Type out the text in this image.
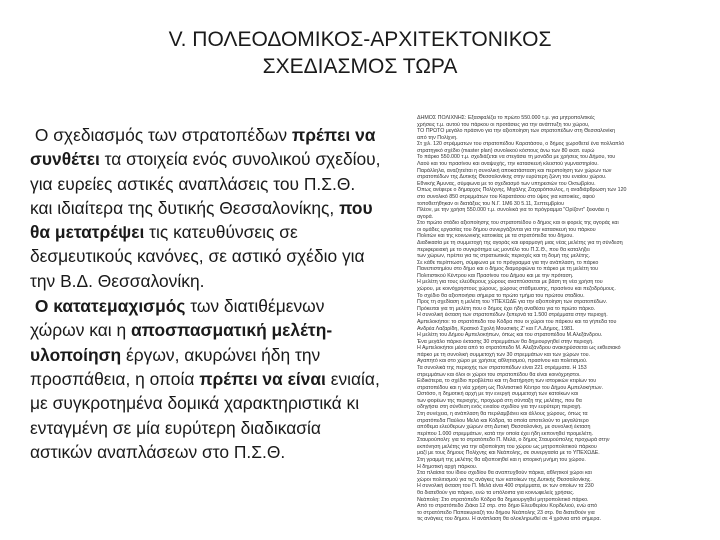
V. ΠΟΛΕΟΔΟΜΙΚΟΣ-ΑΡΧΙΤΕΚΤΟΝΙΚΟΣ
ΣΧΕΔΙΑΣΜΟΣ ΤΩΡΑ

Ο σχεδιασμός των στρατοπέδων πρέπει να συνθέτει τα στοιχεία ενός συνολικού σχεδίου, για ευρείες αστικές αναπλάσεις του Π.Σ.Θ. και ιδιαίτερα της δυτικής Θεσσαλονίκης, που θα μετατρέψει τις κατευθύνσεις σε δεσμευτικούς κανόνες, σε αστικό σχέδιο για την Β.Δ. Θεσσαλονίκη.

Ο κατατεμαχισμός των διατιθέμενων χώρων και η αποσπασματική μελέτη-υλοποίηση έργων, ακυρώνει ήδη την προσπάθεια, η οποία πρέπει να είναι ενιαία, με συγκροτημένα δομικά χαρακτηριστικά κι ενταγμένη σε μία ευρύτερη διαδικασία αστικών αναπλάσεων στο Π.Σ.Θ.

ΔΗΜΟΣ ΠΟΛΙΧΝΗΣ: Εξασφαλίζει το πρώτο 550.000 τ.μ. για μητροπολιτικές
χρήσεις τ.μ. αυτού του πάρκου οι προτάσεις για την ανάπτυξη του χώρου,
ΤΟ ΠΡΩΤΟ μεγάλο πράσινο για την αξιοποίηση των στρατοπέδων στη Θεσσαλονίκη
από την Πολίχνη.
Στ χιλ. 120 στρέμματων του στρατοπέδου Καρατάσου, ο δήμος χωροθετεί ένα πολλαπλό
στρατηγικό σχέδιο (master plan) συνολικού κόστους άνω των 80 εκατ. ευρώ
Το πάρκο 550.000 τ.μ. σχεδιάζεται να στεγάσει τη μονάδα με χρήσεις του Δήμου, του
Λαού και του πρασίνου και αναψυχής, την κατασκευή κλειστού γυμναστηρίου.
Παράλληλα, αναζητείται η συνολική αποκατάσταση και περιποίηση των χώρων των
στρατοπέδων της Δυτικής Θεσσαλονίκης στην ευρύτερη ζώνη του ενιαίου χώρου.
Εθνικής Άμυνας, σύμφωνα με το σχεδιασμό των υπηρεσιών του Οκτωβρίου.
Όπως ανέφερε ο δήμαρχος Πολίχνης, Μιχάλης Ζαχαρόπουλος, η αναδιάρθρωση των 120
στο συνολικό 850 στρεμμάτων του Καρατάσου στο ύψος για κατοικίες, αφού
τοποθετήθηκαν οι διατάξεις του Ν.Γ. 1Μ6 30 5.11, Σεπτεμβρίου
Πλέον, με την χρήση 550.000 τ.μ. συνολικά για το πρόγραμμα "Ορίζοντ" ξεκινάει η
αγορά.
Στο πρώτο στάδιο αξιοποίησης του στρατοπέδου ο δήμος και οι φορείς της αγοράς και
οι ομάδες εργασίας του δήμου συνεργάζονται για την κατασκευή του πάρκου
Πολιτών και της κοινωνικής κατοικίας με τα στρατόπεδα του δήμου.
Διαδικασία με τη συμμετοχή της αγοράς και εφαρμογή μιας νέας μελέτης για τη σύνδεση
περιφερειακή με το συγκρότημα ως μοντέλο του Π.Σ.Θ., που θα καταλήξει
των χώρων, πρέπει για τις στρατιωτικές περιοχές και τη δομή της μελέτης.
Σε κάθε περίπτωση, σύμφωνα με το πρόγραμμα για την ανάπλαση, το πάρκο
Πανεπιστημίου στο δήμο και ο δήμος διαμορφώνει το πάρκο με τη μελέτη του
Πολιτιστικού Κέντρου και Πρασίνου του Δήμου και με την πρόταση.
Η μελέτη για τους ελεύθερους χώρους αναπτύσσεται με βάση τη νέα χρήση του
χώρου, με κοινόχρηστους χώρους, χώρους στάθμευσης, πρασίνου και πεζοδρόμους.
Το σχέδιο θα αξιοποιήσει σήμερα το πρώτο τμήμα του πρώτου σταδίου.
Προς τη σχεδίαση η μελέτη του ΥΠΕΧΩΔΕ για την αξιοποίηση των στρατοπέδων.
Πρόκειται για τη μελέτη που ο δήμος έχει ήδη αναθέσει για το πρώτο πάρκο.
Η συνολική έκταση των στρατοπέδων ξεπερνά τα 1.500 στρέμματα στην περιοχή.
Αμπελοκήποι: το στρατόπεδο του Κόδρα που οι χώροι του πάρκου και τα γήπεδα του
Ανδρέα Λαζαρίδη, Κρατικό Σχολή Μουσικής Ζ' και Γ.Λ.Δήμος, 1981.
Η μελέτη του Δήμου Αμπελοκήπων, όπως και του στρατοπέδου Μ.Αλεξάνδρου.
Ένα μεγάλο πάρκο έκτασης 30 στρεμμάτων θα δημιουργηθεί στην περιοχή.
Η Αμπελοκήποι μέσα από το στρατόπεδο Μ. Αλεξάνδρου ανακηρύσσεται ως εκθεσιακό
πάρκο με τη συνολική συμμετοχή των 30 στρεμμάτων και των χώρων του.
Αγαπητό και στο χώρο με χρήσεις αθλητισμού, πρασίνου και πολιτισμού.
Τα συνολικά της περιοχής των στρατοπέδων είναι 221 στρέμματα. Η 153
στρεμμάτων και όλοι οι χώροι του στρατοπέδου θα είναι κοινόχρηστοι.
Ειδικότερα, το σχέδιο προβλέπει και τη διατήρηση των ιστορικών κτιρίων του
στρατοπέδου και η νέα χρήση ως Πολιτιστικό Κέντρο του Δήμου Αμπελοκήπων.
Ωστόσο, η δημοτική αρχή με την ενεργή συμμετοχή των κατοίκων και
των φορέων της περιοχής, προχωρά στη σύνταξη της μελέτης, που θα
οδηγήσει στη σύνθεση ενός ενιαίου σχεδίου για την ευρύτερη περιοχή.
Στη συνέχεια, η ανάπλαση θα περιλαμβάνει και άλλους χώρους, όπως τα
στρατόπεδα Παύλου Μελά και Κόδρα, τα οποία αποτελούν το μεγαλύτερο
απόθεμα ελεύθερων χώρων στη Δυτική Θεσσαλονίκη, με συνολική έκταση
περίπου 1.000 στρεμμάτων, κατά την οποία έχει ήδη εκπονηθεί προμελέτη.
Σταυρούπολη: για το στρατόπεδο Π. Μελά, ο δήμος Σταυρούπολης προχωρά στην
εκπόνηση μελέτης για την αξιοποίηση του χώρου ως μητροπολιτικού πάρκου
μαζί με τους δήμους Πολίχνης και Νεάπολης, σε συνεργασία με το ΥΠΕΧΩΔΕ.
Στη γραμμή της μελέτης θα αξιοποιηθεί και η ιστορική μνήμη του χώρου.
Η δημοτική αρχή πάρκου.
Στα πλαίσια του ίδιου σχεδίου θα αναπτυχθούν πάρκα, αθλητικοί χώροι και
χώροι πολιτισμού για τις ανάγκες των κατοίκων της Δυτικής Θεσσαλονίκης.
Η συνολική έκταση του Π. Μελά είναι 400 στρέμματα, εκ των οποίων τα 230
θα διατεθούν για πάρκο, ενώ τα υπόλοιπα για κοινωφελείς χρήσεις.
Νεάπολη: Στο στρατόπεδο Κόδρα θα δημιουργηθεί μητροπολιτικό πάρκο.
Από το στρατόπεδο Ζιάκα 12 στρ. στο δήμο Ελευθερίου Κορδελιού, ενώ από
το στρατόπεδο Παπακυριαζή του δήμου Νεάπολης 23 στρ. θα διατεθούν για
τις ανάγκες του δήμου. Η ανάπλαση θα ολοκληρωθεί σε 4 χρόνια από σήμερα.
